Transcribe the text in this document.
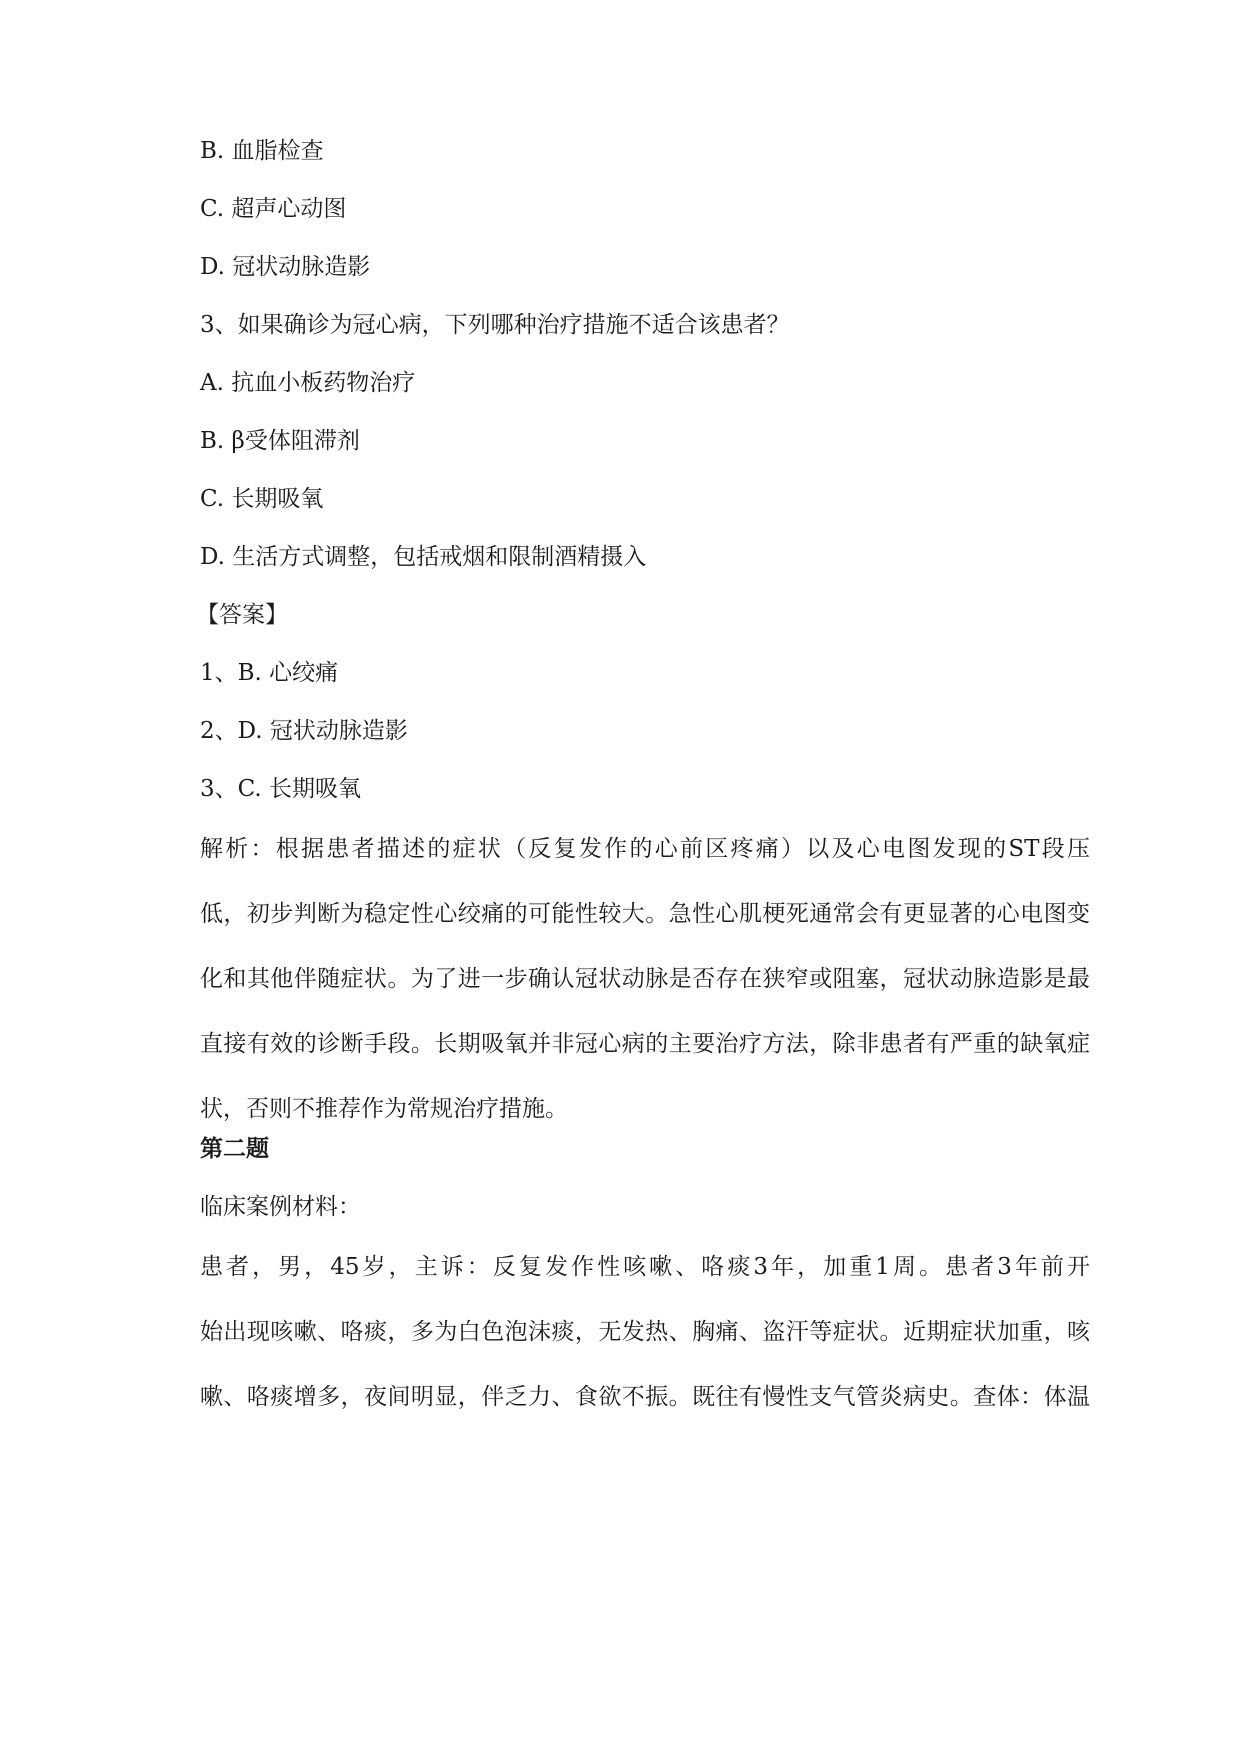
B. 血脂检查
C. 超声心动图
D. 冠状动脉造影
3、如果确诊为冠心病，下列哪种治疗措施不适合该患者？
A. 抗血小板药物治疗
B. β受体阻滞剂
C. 长期吸氧
D. 生活方式调整，包括戒烟和限制酒精摄入
【答案】
1、B. 心绞痛
2、D. 冠状动脉造影
3、C. 长期吸氧
解析：根据患者描述的症状（反复发作的心前区疼痛）以及心电图发现的ST段压
低，初步判断为稳定性心绞痛的可能性较大。急性心肌梗死通常会有更显著的心电图变
化和其他伴随症状。为了进一步确认冠状动脉是否存在狭窄或阻塞，冠状动脉造影是最
直接有效的诊断手段。长期吸氧并非冠心病的主要治疗方法，除非患者有严重的缺氧症
状，否则不推荐作为常规治疗措施。
第二题
临床案例材料：
患者，男，45岁，主诉：反复发作性咳嗽、咯痰3年，加重1周。患者3年前开
始出现咳嗽、咯痰，多为白色泡沫痰，无发热、胸痛、盗汗等症状。近期症状加重，咳
嗽、咯痰增多，夜间明显，伴乏力、食欲不振。既往有慢性支气管炎病史。查体：体温
